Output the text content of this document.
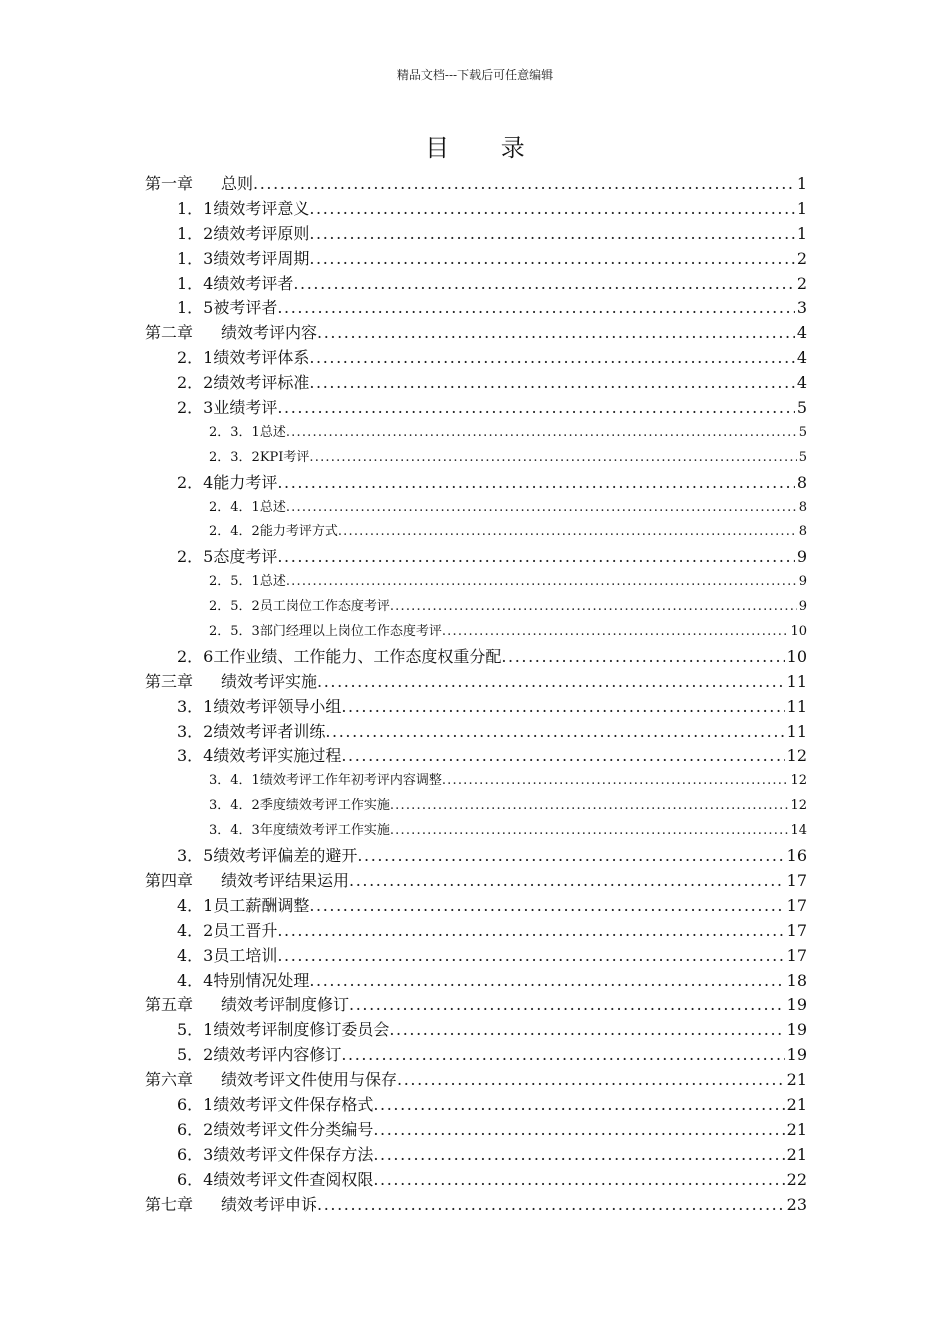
精品文档---下载后可任意编辑
目 录
第一章 总则 .....	1
1．1绩效考评意义 .....	1
1．2绩效考评原则 .....	1
1．3绩效考评周期 .....	2
1．4绩效考评者 .....	2
1．5被考评者 .....	3
第二章 绩效考评内容 .....	4
2．1绩效考评体系 .....	4
2．2绩效考评标准 .....	4
2．3业绩考评 .....	5
2．3．1总述 .....	5
2．3．2KPI考评 .....	5
2．4能力考评 .....	8
2．4．1总述 .....	8
2．4．2能力考评方式 .....	8
2．5态度考评 .....	9
2．5．1总述 .....	9
2．5．2员工岗位工作态度考评 .....	9
2．5．3部门经理以上岗位工作态度考评 .....	10
2．6工作业绩、工作能力、工作态度权重分配 .....	10
第三章 绩效考评实施 .....	11
3．1绩效考评领导小组 .....	11
3．2绩效考评者训练 .....	11
3．4绩效考评实施过程 .....	12
3．4．1绩效考评工作年初考评内容调整 .....	12
3．4．2季度绩效考评工作实施 .....	12
3．4．3年度绩效考评工作实施 .....	14
3．5绩效考评偏差的避开 .....	16
第四章 绩效考评结果运用 .....	17
4．1员工薪酬调整 .....	17
4．2员工晋升 .....	17
4．3员工培训 .....	17
4．4特别情况处理 .....	18
第五章 绩效考评制度修订 .....	19
5．1绩效考评制度修订委员会 .....	19
5．2绩效考评内容修订 .....	19
第六章 绩效考评文件使用与保存 .....	21
6．1绩效考评文件保存格式 .....	21
6．2绩效考评文件分类编号 .....	21
6．3绩效考评文件保存方法 .....	21
6．4绩效考评文件查阅权限 .....	22
第七章 绩效考评申诉 .....	23
